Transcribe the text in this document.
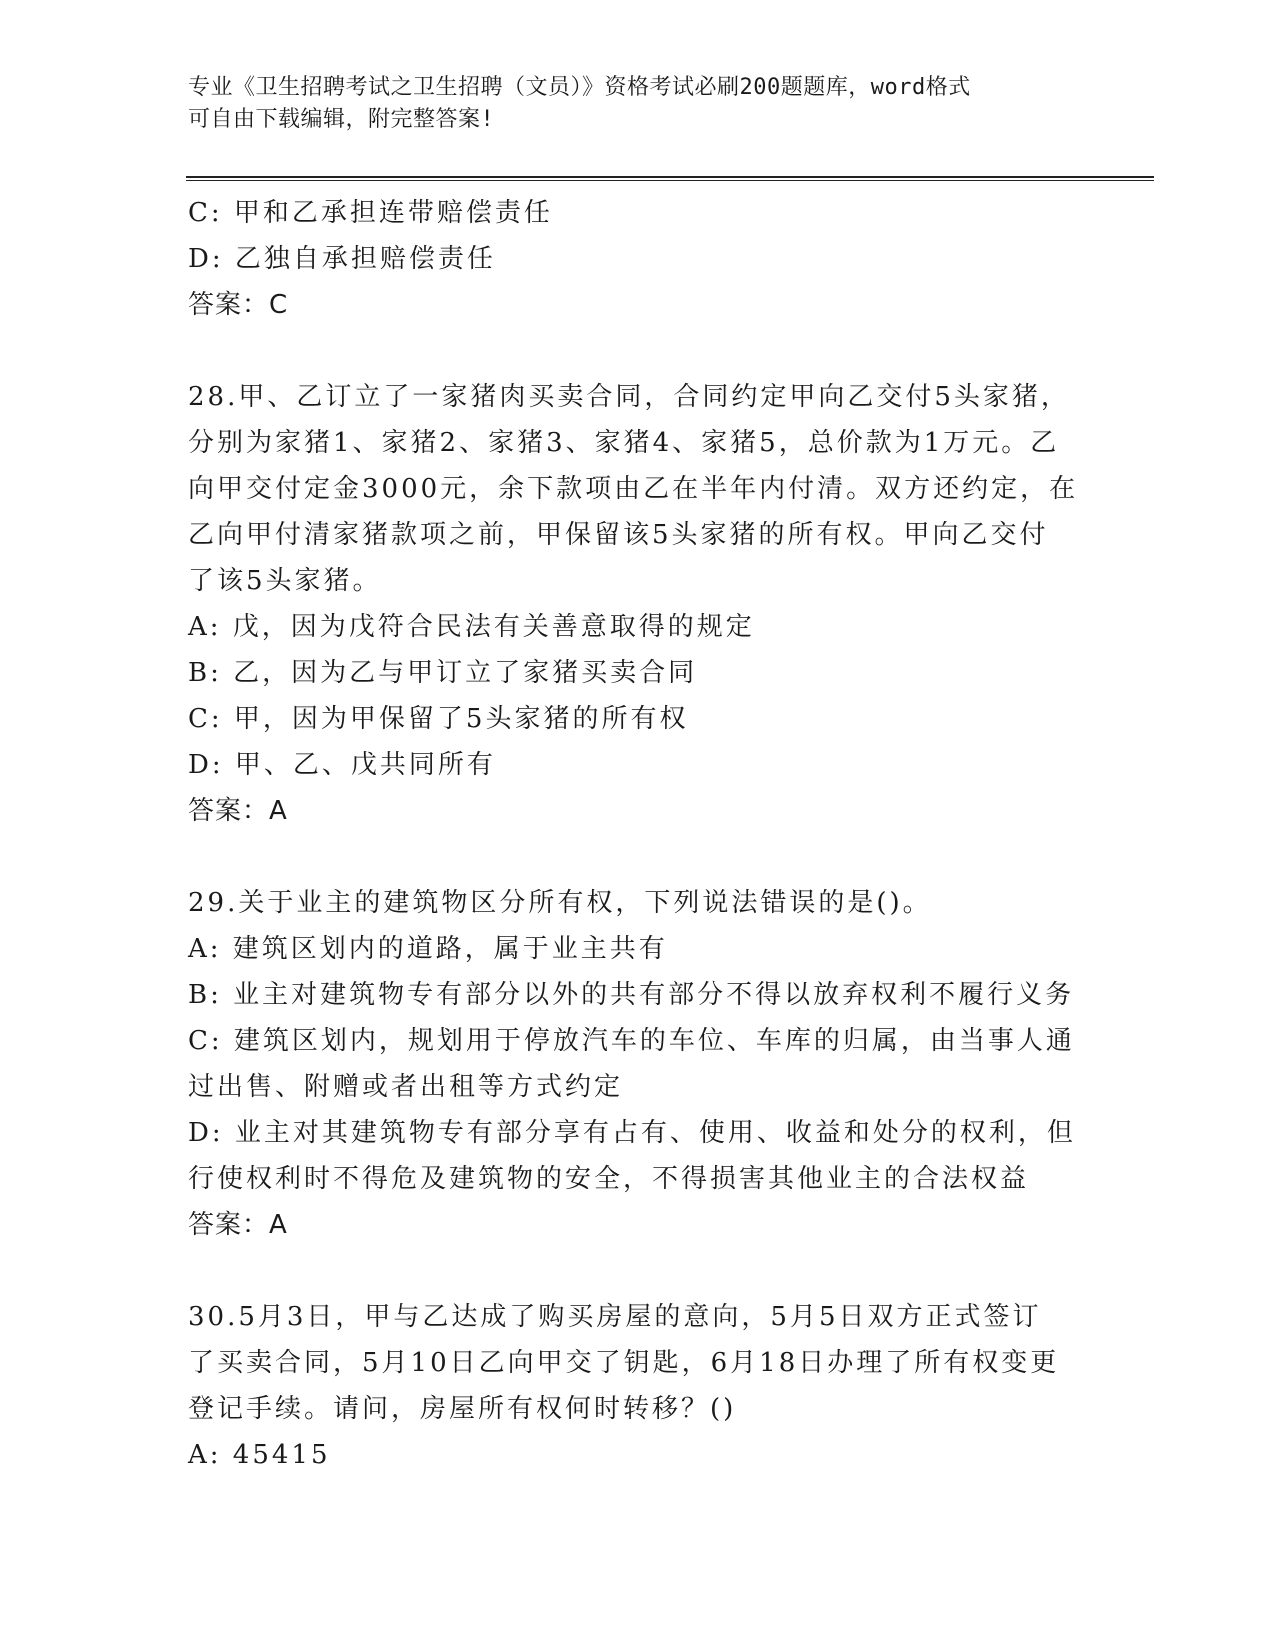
专业《卫生招聘考试之卫生招聘（文员）》资格考试必刷200题题库，word格式
可自由下载编辑，附完整答案!
C: 甲和乙承担连带赔偿责任
D: 乙独自承担赔偿责任
答案：C
28.甲、乙订立了一家猪肉买卖合同，合同约定甲向乙交付5头家猪，
分别为家猪1、家猪2、家猪3、家猪4、家猪5，总价款为1万元。乙
向甲交付定金3000元，余下款项由乙在半年内付清。双方还约定，在
乙向甲付清家猪款项之前，甲保留该5头家猪的所有权。甲向乙交付
了该5头家猪。
A: 戊，因为戊符合民法有关善意取得的规定
B: 乙，因为乙与甲订立了家猪买卖合同
C: 甲，因为甲保留了5头家猪的所有权
D: 甲、乙、戊共同所有
答案：A
29.关于业主的建筑物区分所有权，下列说法错误的是()。
A: 建筑区划内的道路，属于业主共有
B: 业主对建筑物专有部分以外的共有部分不得以放弃权利不履行义务
C: 建筑区划内，规划用于停放汽车的车位、车库的归属，由当事人通
过出售、附赠或者出租等方式约定
D: 业主对其建筑物专有部分享有占有、使用、收益和处分的权利，但
行使权利时不得危及建筑物的安全，不得损害其他业主的合法权益
答案：A
30.5月3日，甲与乙达成了购买房屋的意向，5月5日双方正式签订
了买卖合同，5月10日乙向甲交了钥匙，6月18日办理了所有权变更
登记手续。请问，房屋所有权何时转移？()
A: 45415
